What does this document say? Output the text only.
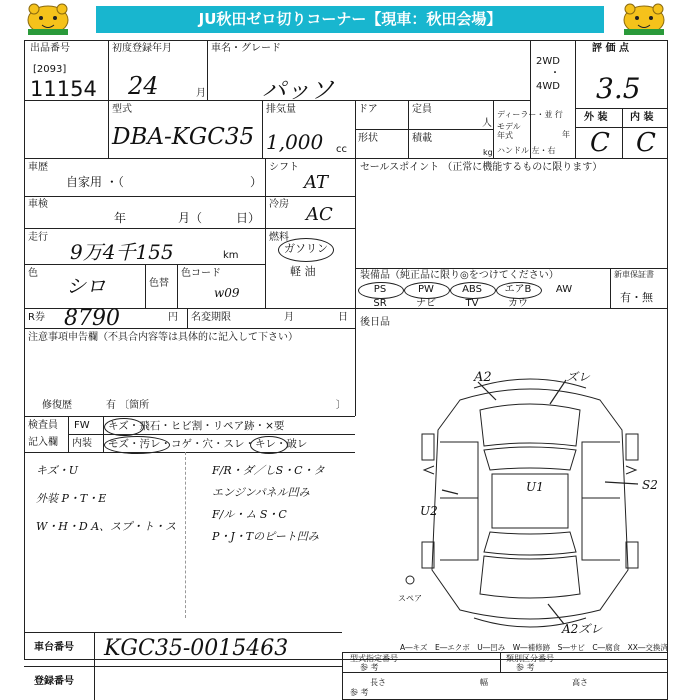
JU秋田ゼロ切りコーナー【現車：秋田会場】
出品番号
[2093]
11154
初度登録年月
24	月
車名・グレード
パッソ
2WD
・
4WD
評 価 点
3.5
型式
DBA-KGC35
排気量
1,000 cc
ドア	定員
人
形状	積載
kg
ディーラー・並 行
モデル
年式	年
ハンドル 左・右
外 装 内 装
C C
車歴
自家用 ・（	）
シフト
AT
車検
年	月（	日）
冷房 AC
走行
9万4千155	km
燃料
ガソリン
軽 油
色
シロ	色替
色コード
w09
R券 8790	円 名変期限	月	日
セールスポイント （正常に機能するものに限ります）
装備品（純正品に限り◎をつけてください）	新車保証書
有・無
PS	PW	ABS	エアB	AW
SR	ナビ	TV	カウ
後日品
注意事項申告欄（不具合内容等は具体的に記入して下さい）
修復歴	有 〔箇所	〕
検査員
記入欄
FW
内装
キズ・飛石・ヒビ割・リペア跡・×要
モズ・汚レ・コゲ・穴・スレ・キレ・破レ
キズ・U
外装 P・T・E
W・H・D A、スプ・ト・ス
F/R・ダ／しS・C・タ
エンジンパネル凹み
F/ル・ム S・C
P・J・Tのピート凹み
A2	ズレ
U1	S2
U2
A2ズレ
スペア
車台番号 KGC35-0015463
登録番号
A―キズ　E―エクボ　U―凹み　W―補修跡　S―サビ　C―腐食　XX―交換済
型式指定番号
参 考
類別区分番号
参 考
参 考
長さ	幅	高さ
